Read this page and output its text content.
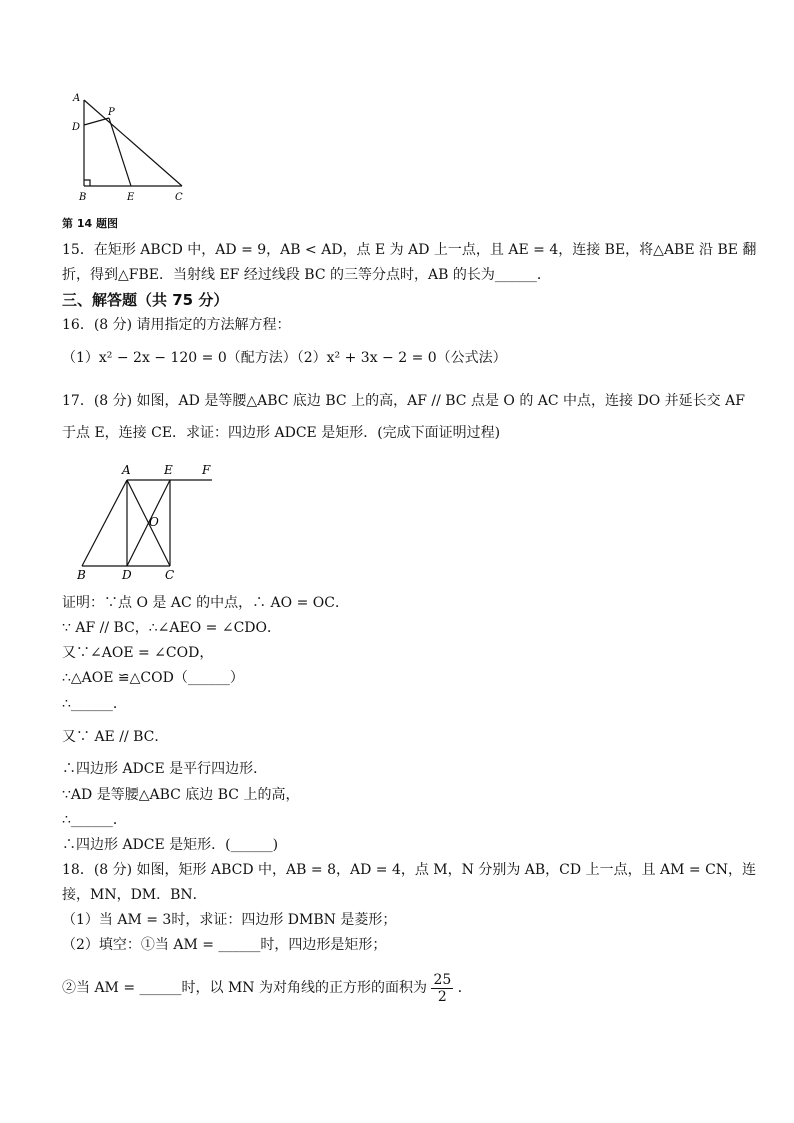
A
D
P
B	E	C
第 14 题图
15．在矩形 ABCD 中，AD = 9，AB < AD，点 E 为 AD 上一点，且 AE = 4，连接 BE，将△ABE 沿 BE 翻
折，得到△FBE．当射线 EF 经过线段 BC 的三等分点时，AB 的长为______．
三、解答题（共 75 分）
16．(8 分) 请用指定的方法解方程：
（1）x² − 2x − 120 = 0（配方法）（2）x² + 3x − 2 = 0（公式法）
17．(8 分) 如图，AD 是等腰△ABC 底边 BC 上的高，AF // BC 点是 O 的 AC 中点，连接 DO 并延长交 AF
于点 E，连接 CE．求证：四边形 ADCE 是矩形．(完成下面证明过程)
A	E F
O
B	D	C
证明：∵点 O 是 AC 的中点，∴ AO = OC．
∵ AF // BC，∴∠AEO = ∠CDO．
又∵∠AOE = ∠COD，
∴△AOE ≌△COD（______）
∴______．
又∵ AE // BC．
∴四边形 ADCE 是平行四边形．
∵AD 是等腰△ABC 底边 BC 上的高，
∴______．
∴四边形 ADCE 是矩形．(______)
18．(8 分) 如图，矩形 ABCD 中，AB = 8，AD = 4，点 M，N 分别为 AB，CD 上一点，且 AM = CN，连
接，MN，DM．BN．
（1）当 AM = 3时，求证：四边形 DMBN 是菱形；
（2）填空：①当 AM = ______时，四边形是矩形；
②当 AM = ______时，以 MN 为对角线的正方形的面积为 $\frac{25}{2}$ ．
